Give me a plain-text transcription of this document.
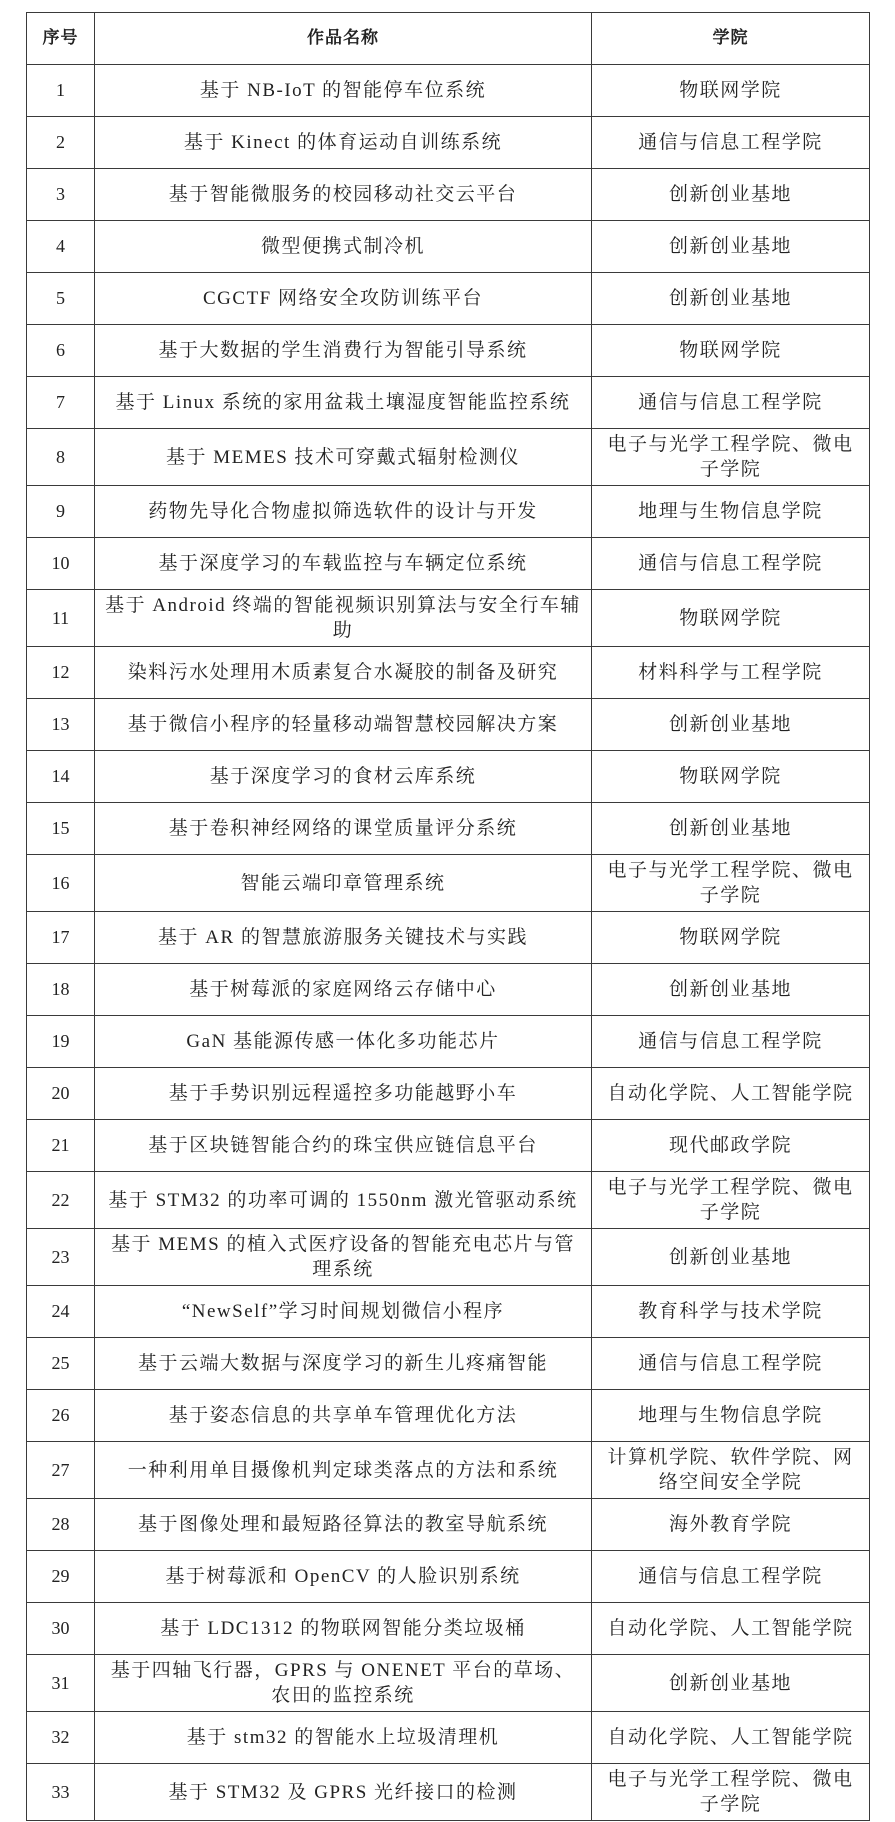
序号	作品名称	学院
1	基于 NB-IoT 的智能停车位系统	物联网学院
2	基于 Kinect 的体育运动自训练系统	通信与信息工程学院
3	基于智能微服务的校园移动社交云平台	创新创业基地
4	微型便携式制冷机	创新创业基地
5	CGCTF 网络安全攻防训练平台	创新创业基地
6	基于大数据的学生消费行为智能引导系统	物联网学院
7	基于 Linux 系统的家用盆栽土壤湿度智能监控系统	通信与信息工程学院
8	基于 MEMES 技术可穿戴式辐射检测仪	电子与光学工程学院、微电子学院
9	药物先导化合物虚拟筛选软件的设计与开发	地理与生物信息学院
10	基于深度学习的车载监控与车辆定位系统	通信与信息工程学院
11	基于 Android 终端的智能视频识别算法与安全行车辅助	物联网学院
12	染料污水处理用木质素复合水凝胶的制备及研究	材料科学与工程学院
13	基于微信小程序的轻量移动端智慧校园解决方案	创新创业基地
14	基于深度学习的食材云库系统	物联网学院
15	基于卷积神经网络的课堂质量评分系统	创新创业基地
16	智能云端印章管理系统	电子与光学工程学院、微电子学院
17	基于 AR 的智慧旅游服务关键技术与实践	物联网学院
18	基于树莓派的家庭网络云存储中心	创新创业基地
19	GaN 基能源传感一体化多功能芯片	通信与信息工程学院
20	基于手势识别远程遥控多功能越野小车	自动化学院、人工智能学院
21	基于区块链智能合约的珠宝供应链信息平台	现代邮政学院
22	基于 STM32 的功率可调的 1550nm 激光管驱动系统	电子与光学工程学院、微电子学院
23	基于 MEMS 的植入式医疗设备的智能充电芯片与管理系统	创新创业基地
24	“NewSelf”学习时间规划微信小程序	教育科学与技术学院
25	基于云端大数据与深度学习的新生儿疼痛智能	通信与信息工程学院
26	基于姿态信息的共享单车管理优化方法	地理与生物信息学院
27	一种利用单目摄像机判定球类落点的方法和系统	计算机学院、软件学院、网络空间安全学院
28	基于图像处理和最短路径算法的教室导航系统	海外教育学院
29	基于树莓派和 OpenCV 的人脸识别系统	通信与信息工程学院
30	基于 LDC1312 的物联网智能分类垃圾桶	自动化学院、人工智能学院
31	基于四轴飞行器，GPRS 与 ONENET 平台的草场、农田的监控系统	创新创业基地
32	基于 stm32 的智能水上垃圾清理机	自动化学院、人工智能学院
33	基于 STM32 及 GPRS 光纤接口的检测	电子与光学工程学院、微电子学院
